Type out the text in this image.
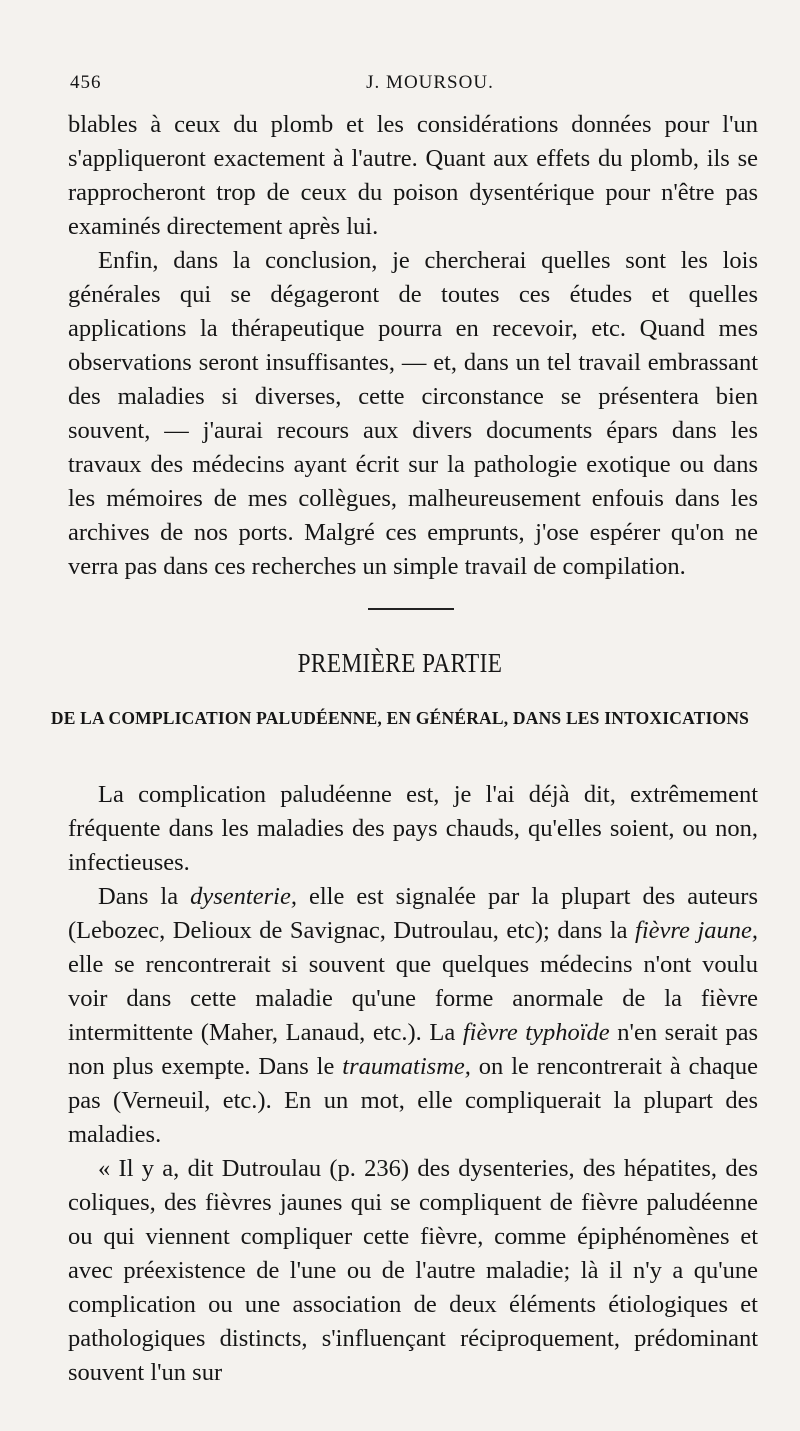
456	J. MOURSOU.

blables à ceux du plomb et les considérations données pour l'un s'appliqueront exactement à l'autre. Quant aux effets du plomb, ils se rapprocheront trop de ceux du poison dysentérique pour n'être pas examinés directement après lui.

Enfin, dans la conclusion, je chercherai quelles sont les lois générales qui se dégageront de toutes ces études et quelles applications la thérapeutique pourra en recevoir, etc. Quand mes observations seront insuffisantes, — et, dans un tel travail embrassant des maladies si diverses, cette circonstance se présentera bien souvent, — j'aurai recours aux divers documents épars dans les travaux des médecins ayant écrit sur la pathologie exotique ou dans les mémoires de mes collègues, malheureusement enfouis dans les archives de nos ports. Malgré ces emprunts, j'ose espérer qu'on ne verra pas dans ces recherches un simple travail de compilation.

PREMIÈRE PARTIE
DE LA COMPLICATION PALUDÉENNE, EN GÉNÉRAL, DANS LES INTOXICATIONS

La complication paludéenne est, je l'ai déjà dit, extrêmement fréquente dans les maladies des pays chauds, qu'elles soient, ou non, infectieuses.

Dans la dysenterie, elle est signalée par la plupart des auteurs (Lebozec, Delioux de Savignac, Dutroulau, etc); dans la fièvre jaune, elle se rencontrerait si souvent que quelques médecins n'ont voulu voir dans cette maladie qu'une forme anormale de la fièvre intermittente (Maher, Lanaud, etc.). La fièvre typhoïde n'en serait pas non plus exempte. Dans le traumatisme, on le rencontrerait à chaque pas (Verneuil, etc.). En un mot, elle compliquerait la plupart des maladies.

« Il y a, dit Dutroulau (p. 236) des dysenteries, des hépatites, des coliques, des fièvres jaunes qui se compliquent de fièvre paludéenne ou qui viennent compliquer cette fièvre, comme épiphénomènes et avec préexistence de l'une ou de l'autre maladie; là il n'y a qu'une complication ou une association de deux éléments étiologiques et pathologiques distincts, s'influençant réciproquement, prédominant souvent l'un sur
